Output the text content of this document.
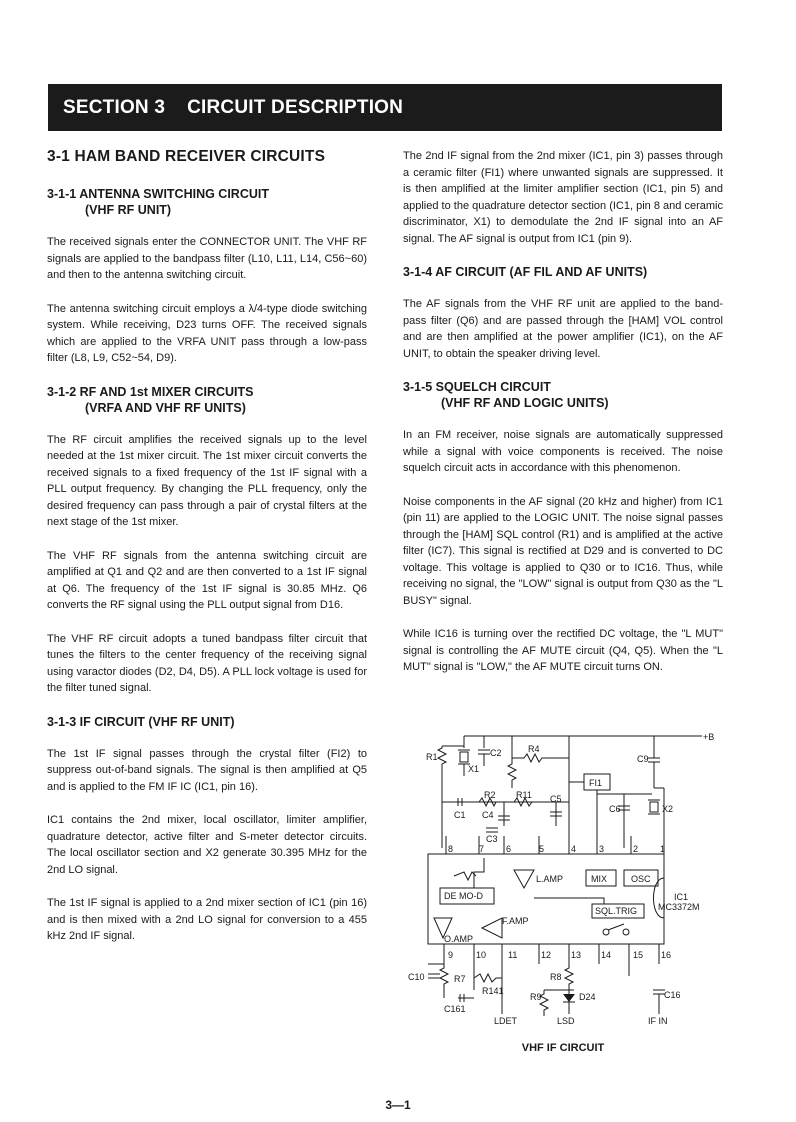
SECTION 3 CIRCUIT DESCRIPTION
3-1 HAM BAND RECEIVER CIRCUITS
3-1-1 ANTENNA SWITCHING CIRCUIT
(VHF RF UNIT)

The received signals enter the CONNECTOR UNIT. The VHF RF signals are applied to the bandpass filter (L10, L11, L14, C56~60) and then to the antenna switching circuit.

The antenna switching circuit employs a λ/4-type diode switching system. While receiving, D23 turns OFF. The received signals which are applied to the VRFA UNIT pass through a low-pass filter (L8, L9, C52~54, D9).

3-1-2 RF AND 1st MIXER CIRCUITS
(VRFA AND VHF RF UNITS)

The RF circuit amplifies the received signals up to the level needed at the 1st mixer circuit. The 1st mixer circuit converts the received signals to a fixed frequency of the 1st IF signal with a PLL output frequency. By changing the PLL frequency, only the desired frequency can pass through a pair of crystal filters at the next stage of the 1st mixer.

The VHF RF signals from the antenna switching circuit are amplified at Q1 and Q2 and are then converted to a 1st IF signal at Q6. The frequency of the 1st IF signal is 30.85 MHz. Q6 converts the RF signal using the PLL output signal from D16.

The VHF RF circuit adopts a tuned bandpass filter circuit that tunes the filters to the center frequency of the receiving signal using varactor diodes (D2, D4, D5). A PLL lock voltage is used for the filter tuned signal.

3-1-3 IF CIRCUIT (VHF RF UNIT)

The 1st IF signal passes through the crystal filter (FI2) to suppress out-of-band signals. The signal is then amplified at Q5 and is applied to the FM IF IC (IC1, pin 16).

IC1 contains the 2nd mixer, local oscillator, limiter amplifier, quadrature detector, active filter and S-meter detector circuits. The local oscillator section and X2 generate 30.395 MHz for the 2nd LO signal.

The 1st IF signal is applied to a 2nd mixer section of IC1 (pin 16) and is then mixed with a 2nd LO signal for conversion to a 455 kHz 2nd IF signal.

The 2nd IF signal from the 2nd mixer (IC1, pin 3) passes through a ceramic filter (FI1) where unwanted signals are suppressed. It is then amplified at the limiter amplifier section (IC1, pin 5) and applied to the quadrature detector section (IC1, pin 8 and ceramic discriminator, X1) to demodulate the 2nd IF signal into an AF signal. The AF signal is output from IC1 (pin 9).

3-1-4 AF CIRCUIT (AF FIL AND AF UNITS)

The AF signals from the VHF RF unit are applied to the band-pass filter (Q6) and are passed through the [HAM] VOL control and are then amplified at the power amplifier (IC1), on the AF UNIT, to obtain the speaker driving level.

3-1-5 SQUELCH CIRCUIT
(VHF RF AND LOGIC UNITS)

In an FM receiver, noise signals are automatically suppressed while a signal with voice components is received. The noise squelch circuit acts in accordance with this phenomenon.

Noise components in the AF signal (20 kHz and higher) from IC1 (pin 11) are applied to the LOGIC UNIT. The noise signal passes through the [HAM] SQL control (R1) and is amplified at the active filter (IC7). This signal is rectified at D29 and is converted to DC voltage. This voltage is applied to Q30 or to IC16. Thus, while receiving no signal, the "LOW" signal is output from Q30 as the "L BUSY" signal.

While IC16 is turning over the rectified DC voltage, the "L MUT" signal is controlling the AF MUTE circuit (Q4, Q5). When the "L MUT" signal is "LOW," the AF MUTE circuit turns ON.

+B
R1
X1
C2	R4
C9
FI1
R2 R11 C5
C1 C4
C6	X2
C3
8	7 6	5	4	3	2 1
L.AMP	MIX	OSC
DE MO-D	IC1
MC3372M
SQL.TRIG
F.AMP
O.AMP
9	10 11	12 13 14 15 16
C10	R7
R141
R8
R9	D24	C16
C161
LDET	LSD	IF IN
VHF IF CIRCUIT
3—1
